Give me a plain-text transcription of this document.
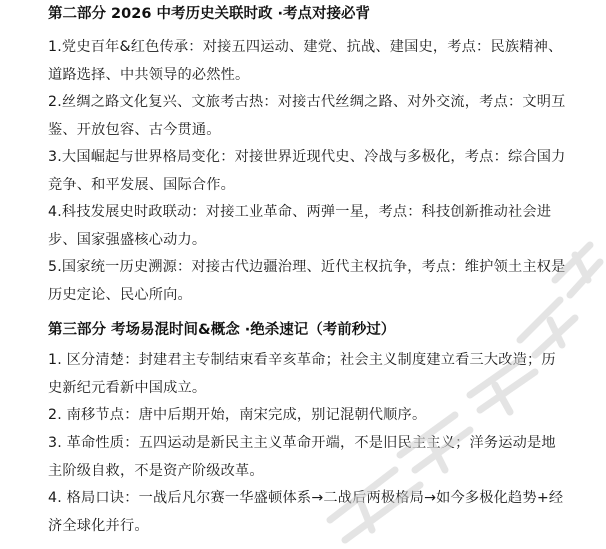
第二部分 2026 中考历史关联时政 ·考点对接必背
1.党史百年&红色传承：对接五四运动、建党、抗战、建国史，考点：民族精神、道路选择、中共领导的必然性。
2.丝绸之路文化复兴、文旅考古热：对接古代丝绸之路、对外交流，考点：文明互鉴、开放包容、古今贯通。
3.大国崛起与世界格局变化：对接世界近现代史、冷战与多极化，考点：综合国力竞争、和平发展、国际合作。
4.科技发展史时政联动：对接工业革命、两弹一星，考点：科技创新推动社会进步、国家强盛核心动力。
5.国家统一历史溯源：对接古代边疆治理、近代主权抗争，考点：维护领土主权是历史定论、民心所向。
第三部分 考场易混时间&概念 ·绝杀速记（考前秒过）
1. 区分清楚：封建君主专制结束看辛亥革命；社会主义制度建立看三大改造；历史新纪元看新中国成立。
2. 南移节点：唐中后期开始，南宋完成，别记混朝代顺序。
3. 革命性质：五四运动是新民主主义革命开端，不是旧民主主义；洋务运动是地主阶级自救，不是资产阶级改革。
4. 格局口诀：一战后凡尔赛一华盛顿体系→二战后两极格局→如今多极化趋势+经济全球化并行。
